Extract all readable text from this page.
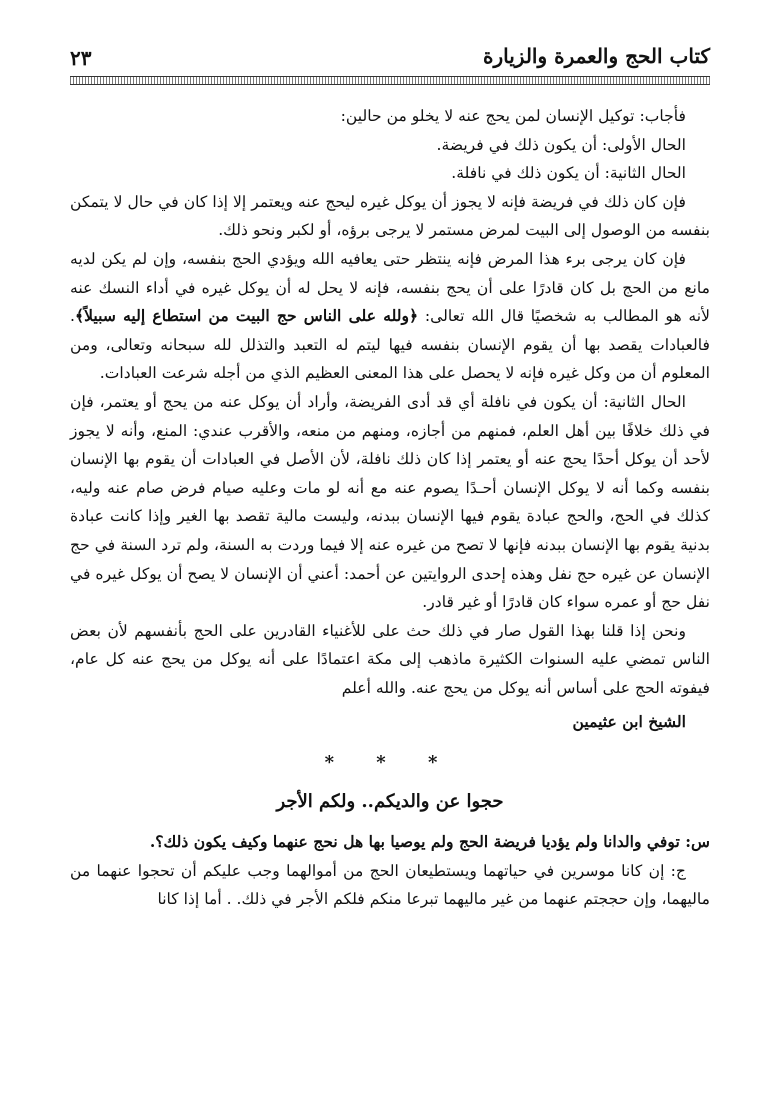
كتاب الحج والعمرة والزيارة
٢٣

فأجاب: توكيل الإنسان لمن يحج عنه لا يخلو من حالين:

الحال الأولى: أن يكون ذلك في فريضة.

الحال الثانية: أن يكون ذلك في نافلة.

فإن كان ذلك في فريضة فإنه لا يجوز أن يوكل غيره ليحج عنه ويعتمر إلا إذا كان في حال لا يتمكن بنفسه من الوصول إلى البيت لمرض مستمر لا يرجى برؤه، أو لكبر ونحو ذلك.

فإن كان يرجى برء هذا المرض فإنه ينتظر حتى يعافيه الله ويؤدي الحج بنفسه، وإن لم يكن لديه مانع من الحج بل كان قادرًا على أن يحج بنفسه، فإنه لا يحل له أن يوكل غيره في أداء النسك عنه لأنه هو المطالب به شخصيًا قال الله تعالى: ﴿ولله على الناس حج البيت من استطاع إليه سبيلاً﴾. فالعبادات يقصد بها أن يقوم الإنسان بنفسه فيها ليتم له التعبد والتذلل لله سبحانه وتعالى، ومن المعلوم أن من وكل غيره فإنه لا يحصل على هذا المعنى العظيم الذي من أجله شرعت العبادات.

الحال الثانية: أن يكون في نافلة أي قد أدى الفريضة، وأراد أن يوكل عنه من يحج أو يعتمر، فإن في ذلك خلافًا بين أهل العلم، فمنهم من أجازه، ومنهم من منعه، والأقرب عندي: المنع، وأنه لا يجوز لأحد أن يوكل أحدًا يحج عنه أو يعتمر إذا كان ذلك نافلة، لأن الأصل في العبادات أن يقوم بها الإنسان بنفسه وكما أنه لا يوكل الإنسان أحـدًا يصوم عنه مع أنه لو مات وعليه صيام فرض صام عنه وليه، كذلك في الحج، والحج عبادة يقوم فيها الإنسان ببدنه، وليست مالية تقصد بها الغير وإذا كانت عبادة بدنية يقوم بها الإنسان ببدنه فإنها لا تصح من غيره عنه إلا فيما وردت به السنة، ولم ترد السنة في حج الإنسان عن غيره حج نفل وهذه إحدى الروايتين عن أحمد: أعني أن الإنسان لا يصح أن يوكل غيره في نفل حج أو عمره سواء كان قادرًا أو غير قادر.

ونحن إذا قلنا بهذا القول صار في ذلك حث على للأغنياء القادرين على الحج بأنفسهم لأن بعض الناس تمضي عليه السنوات الكثيرة ماذهب إلى مكة اعتمادًا على أنه يوكل من يحج عنه كل عام، فيفوته الحج على أساس أنه يوكل من يحج عنه. والله أعلم

الشيخ ابن عثيمين

* * *

حجوا عن والديكم.. ولكم الأجر

س: توفي والدانا ولم يؤديا فريضة الحج ولم يوصيا بها هل نحج عنهما وكيف يكون ذلك؟.

ج: إن كانا موسرين في حياتهما ويستطيعان الحج من أموالهما وجب عليكم أن تحجوا عنهما من ماليهما، وإن حججتم عنهما من غير ماليهما تبرعا منكم فلكم الأجر في ذلك. . أما إذا كانا
